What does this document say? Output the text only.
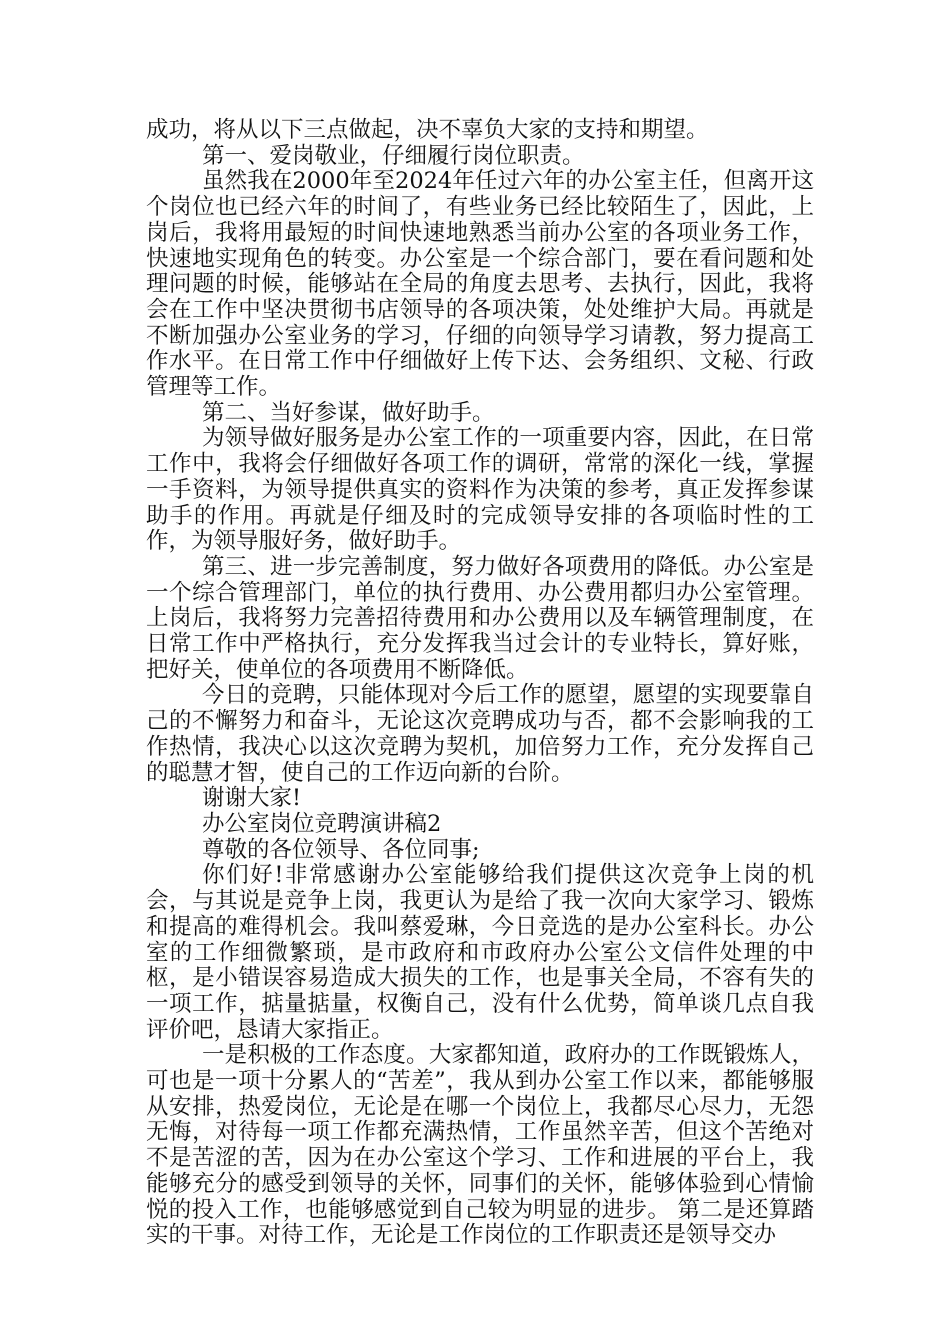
成功，将从以下三点做起，决不辜负大家的支持和期望。

第一、爱岗敬业，仔细履行岗位职责。

虽然我在2000年至2024年任过六年的办公室主任，但离开这个岗位也已经六年的时间了，有些业务已经比较陌生了，因此，上岗后，我将用最短的时间快速地熟悉当前办公室的各项业务工作，快速地实现角色的转变。办公室是一个综合部门，要在看问题和处理问题的时候，能够站在全局的角度去思考、去执行，因此，我将会在工作中坚决贯彻书店领导的各项决策，处处维护大局。再就是不断加强办公室业务的学习，仔细的向领导学习请教，努力提高工作水平。在日常工作中仔细做好上传下达、会务组织、文秘、行政管理等工作。

第二、当好参谋，做好助手。

为领导做好服务是办公室工作的一项重要内容，因此，在日常工作中，我将会仔细做好各项工作的调研，常常的深化一线，掌握一手资料，为领导提供真实的资料作为决策的参考，真正发挥参谋助手的作用。再就是仔细及时的完成领导安排的各项临时性的工作，为领导服好务，做好助手。

第三、进一步完善制度，努力做好各项费用的降低。办公室是一个综合管理部门，单位的执行费用、办公费用都归办公室管理。上岗后，我将努力完善招待费用和办公费用以及车辆管理制度，在日常工作中严格执行，充分发挥我当过会计的专业特长，算好账，把好关，使单位的各项费用不断降低。

今日的竞聘，只能体现对今后工作的愿望，愿望的实现要靠自己的不懈努力和奋斗，无论这次竞聘成功与否，都不会影响我的工作热情，我决心以这次竞聘为契机，加倍努力工作，充分发挥自己的聪慧才智，使自己的工作迈向新的台阶。

谢谢大家!

办公室岗位竞聘演讲稿2

尊敬的各位领导、各位同事;

你们好!非常感谢办公室能够给我们提供这次竞争上岗的机会，与其说是竞争上岗，我更认为是给了我一次向大家学习、锻炼和提高的难得机会。我叫蔡爱琳，今日竞选的是办公室科长。办公室的工作细微繁琐，是市政府和市政府办公室公文信件处理的中枢，是小错误容易造成大损失的工作，也是事关全局，不容有失的一项工作，掂量掂量，权衡自己，没有什么优势，简单谈几点自我评价吧，恳请大家指正。

一是积极的工作态度。大家都知道，政府办的工作既锻炼人，可也是一项十分累人的“苦差”，我从到办公室工作以来，都能够服从安排，热爱岗位，无论是在哪一个岗位上，我都尽心尽力，无怨无悔，对待每一项工作都充满热情，工作虽然辛苦，但这个苦绝对不是苦涩的苦，因为在办公室这个学习、工作和进展的平台上，我能够充分的感受到领导的关怀，同事们的关怀，能够体验到心情愉悦的投入工作，也能够感觉到自己较为明显的进步。 第二是还算踏实的干事。对待工作，无论是工作岗位的工作职责还是领导交办
